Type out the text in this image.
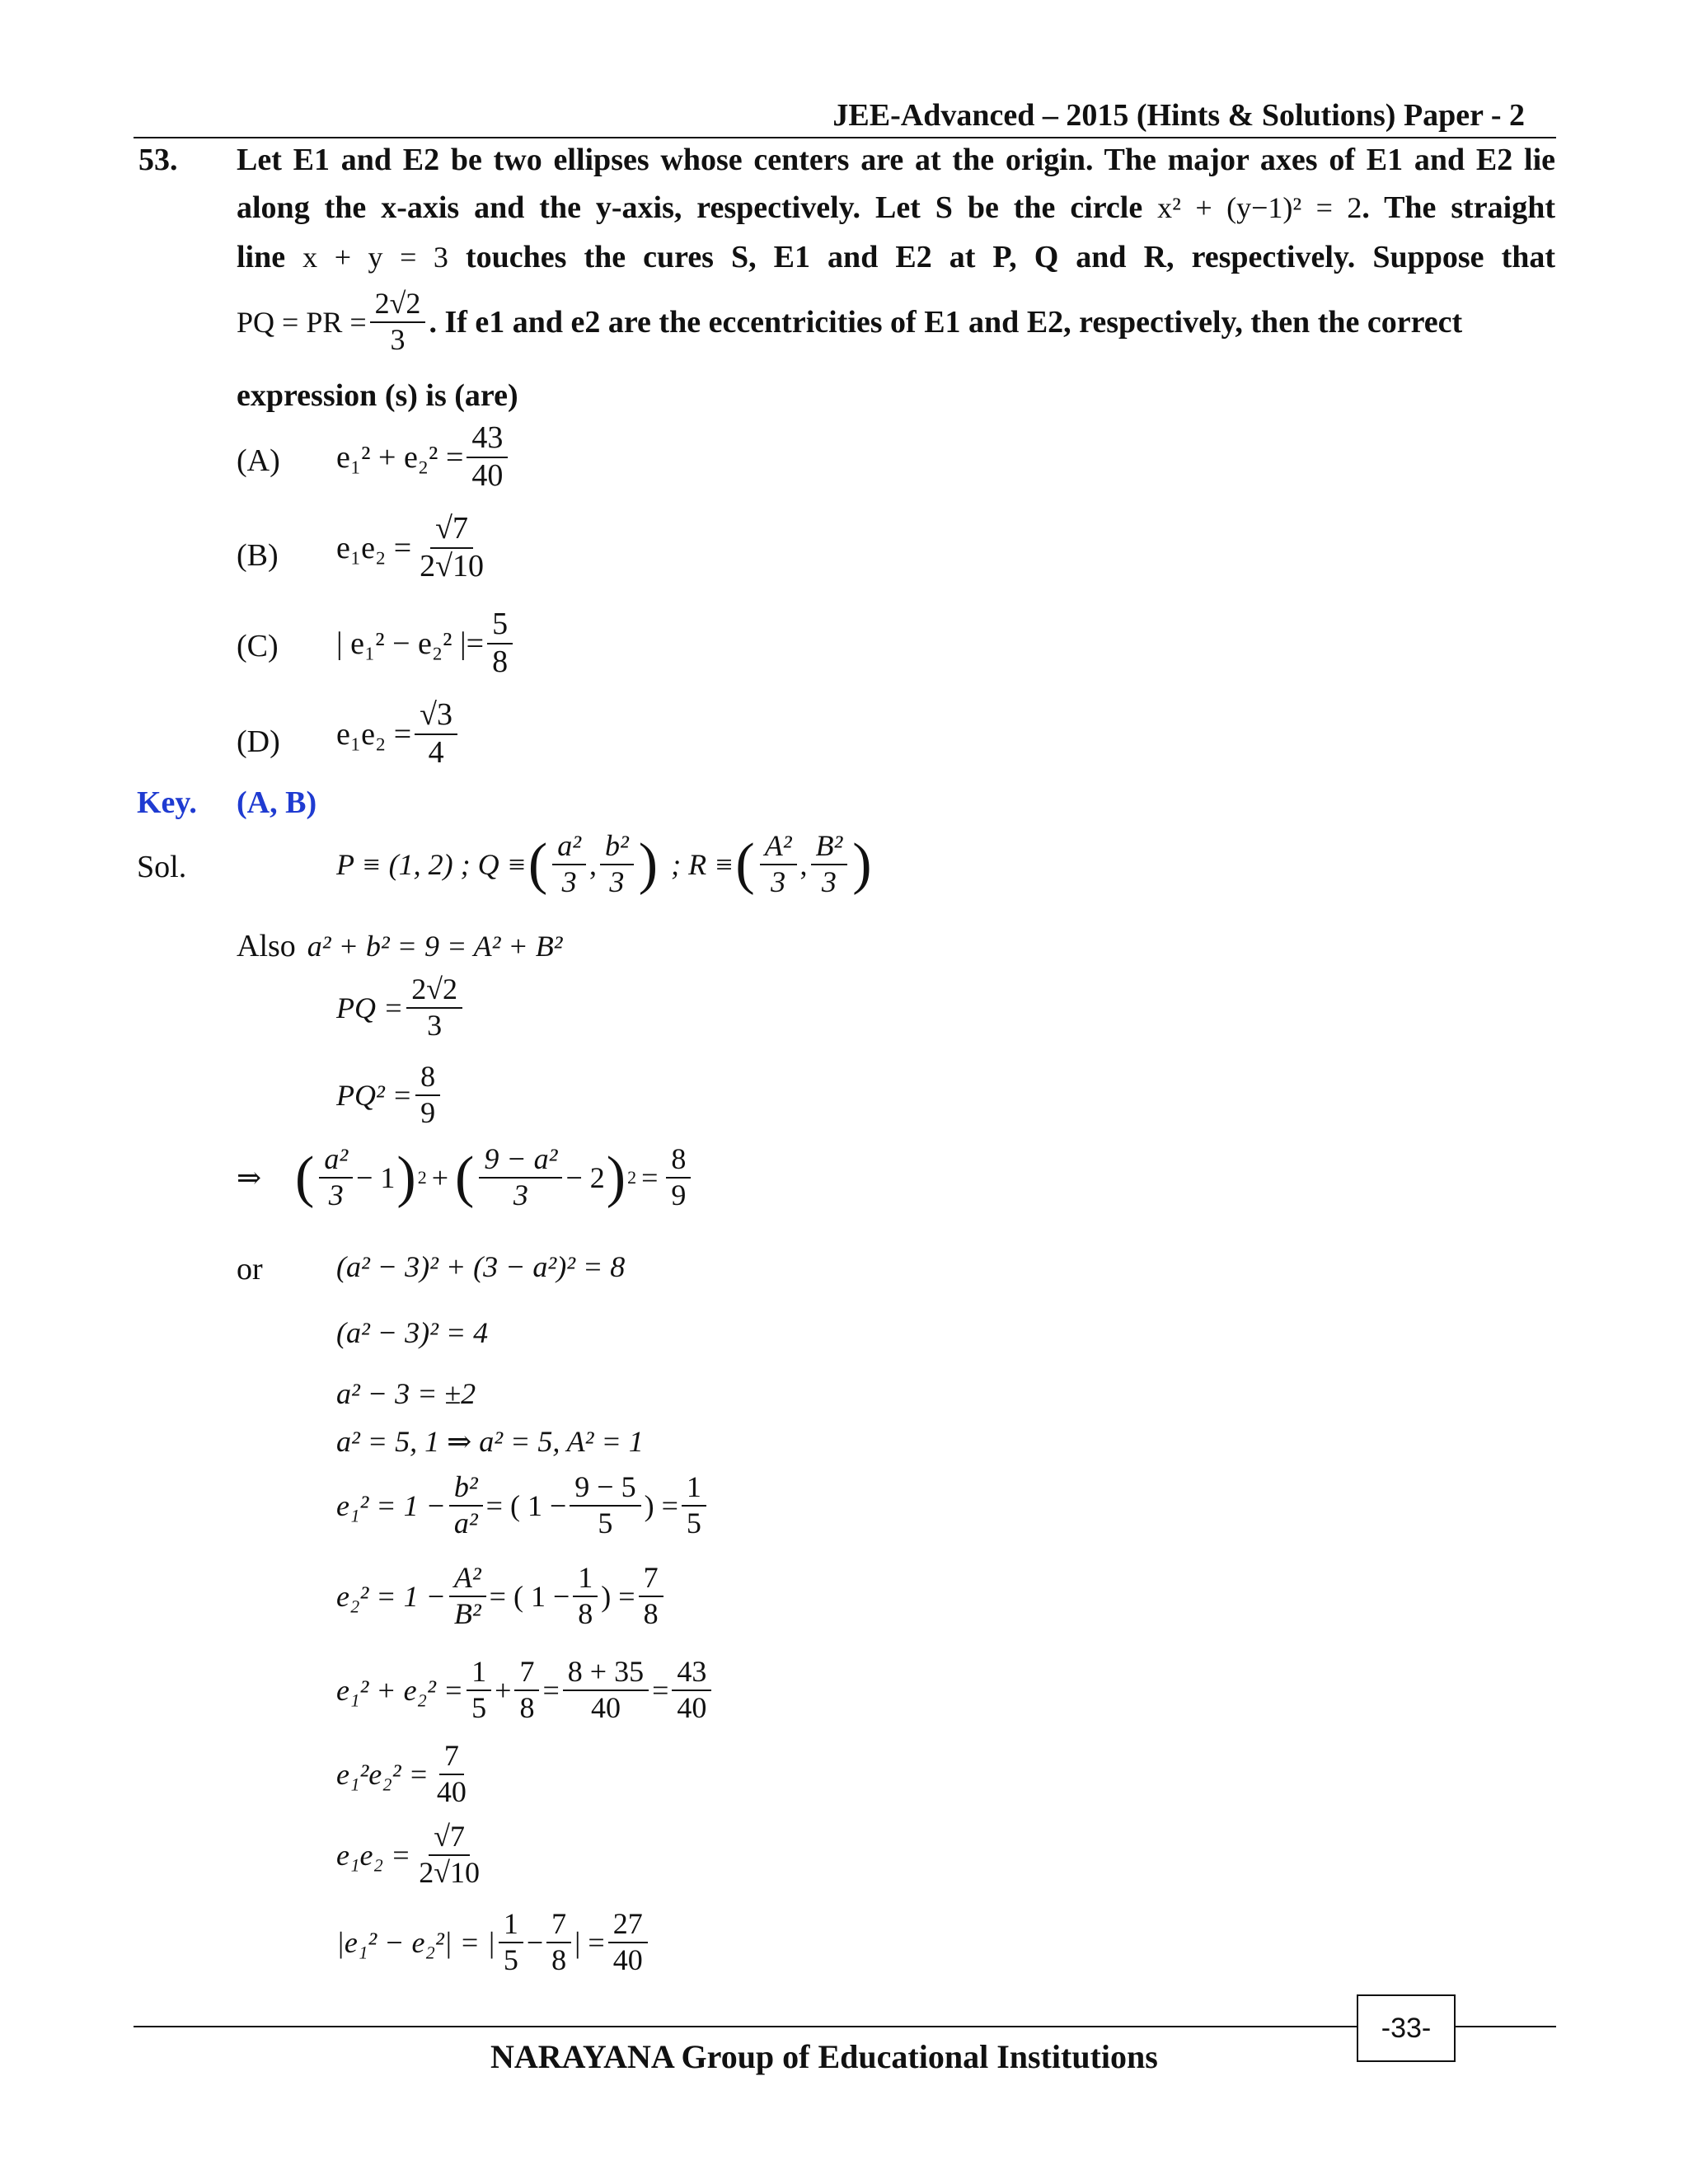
JEE-Advanced – 2015 (Hints & Solutions) Paper - 2
53. Let E1 and E2 be two ellipses whose centers are at the origin. The major axes of E1 and E2 lie
along the x-axis and the y-axis, respectively. Let S be the circle x² + (y−1)² = 2. The straight
line x + y = 3 touches the cures S, E1 and E2 at P, Q and R, respectively. Suppose that
PQ = PR = $\frac{2√2}{3}$ . If e1 and e2 are the eccentricities of E1 and E2, respectively, then the correct
expression (s) is (are)
(A) $e_1^2 + e_2^2 = \frac{43}{40}$
(B) $e_1e_2 = \frac{√7}{2√10}$
(C) | e₁² − e₂² |= $\frac{5}{8}$
(D) $e_1e_2 = \frac{√3}{4}$
Key. (A, B)
Sol.	P ≡ (1, 2) ; Q ≡ ( $\frac{\text{a²}}{3}$ , $\frac{\text{b²}}{3}$ ) ; R ≡ ( $\frac{\text{A²}}{3}$ , $\frac{\text{B²}}{3}$ )
Also a² + b² = 9 = A² + B²
PQ = $\frac{2√2}{3}$
$PQ^2 = \frac{8}{9}$
⇒ ( $\frac{\text{a²}}{3} - 1$ ) 2 + ( $\frac{\text{9 − a²}}{3} - 2$ ) $2 = \frac{8}{9}$
or (a² − 3)² + (3 − a²)² = 8
(a² − 3)² = 4
a² − 3 = ±2
a² = 5, 1 ⇒ a² = 5, A² = 1
$e_1^2 = 1 - \frac{\text{b²}}{\text{a²}}$ = ( $1 - \frac{9 - 5}{5}$ ) = $\frac{1}{5}$
$e_2^2 = 1 - \frac{\text{A²}}{\text{B²}}$ = ( $1 - \frac{1}{8}$ ) = $\frac{7}{8}$
$e_1^2 + e_2^2 = \frac{1}{5} + \frac{7}{8} = \frac{8 + 35}{40} = \frac{43}{40}$
$e_1^2e_2^2 = \frac{7}{40}$
$e_1e_2 = \frac{√7}{2√10}$
|e₁² − e₂²| = | $\frac{1}{5} - \frac{7}{8}$ | = $\frac{27}{40}$
-33-
NARAYANA Group of Educational Institutions
